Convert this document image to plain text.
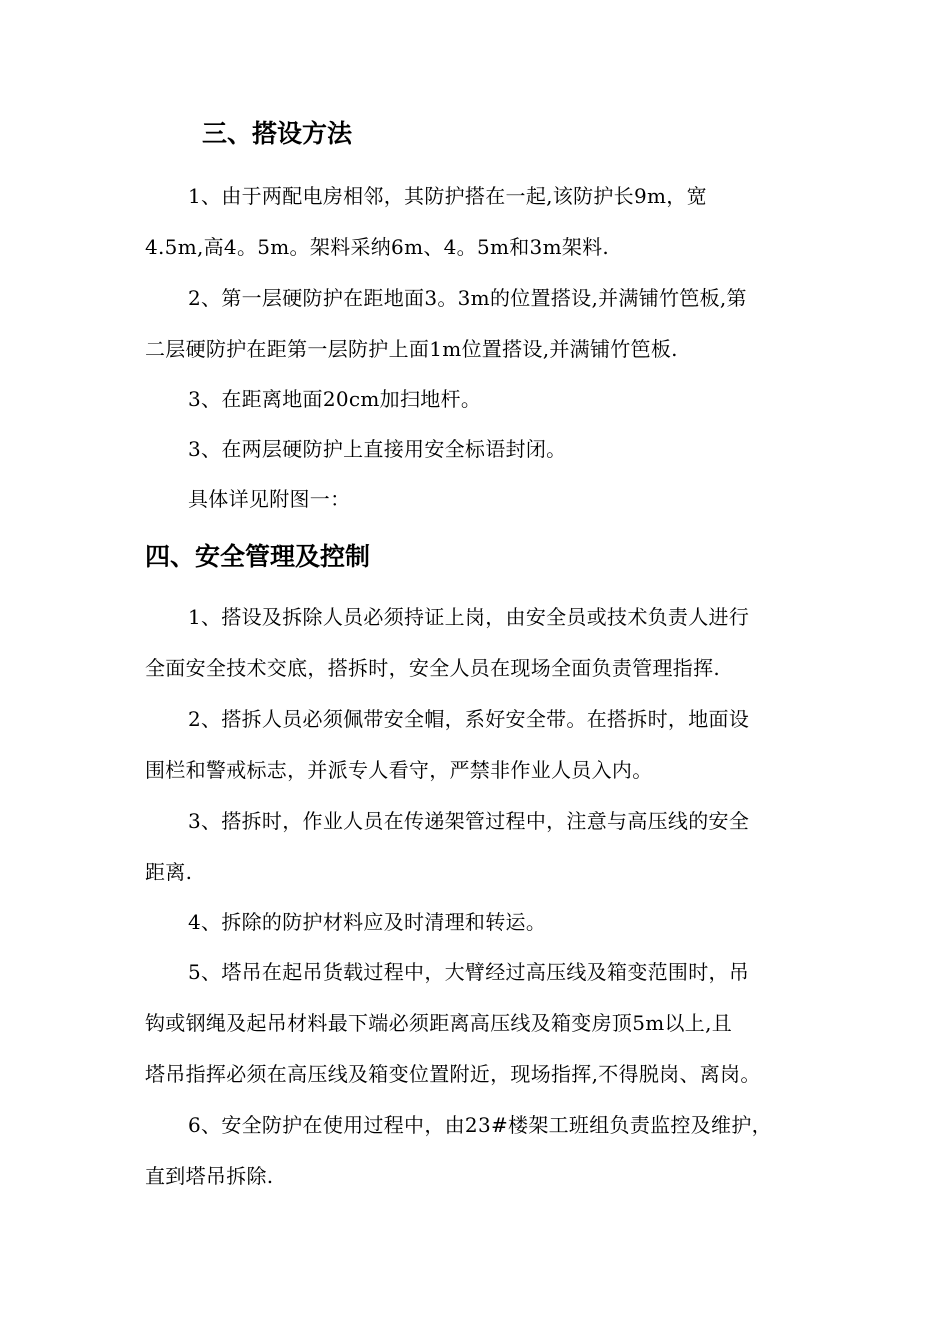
三、搭设方法
1、由于两配电房相邻，其防护搭在一起,该防护长9m，宽
4.5m,高4。5m。架料采纳6m、4。5m和3m架料.
2、第一层硬防护在距地面3。3m的位置搭设,并满铺竹笆板,第
二层硬防护在距第一层防护上面1m位置搭设,并满铺竹笆板.
3、在距离地面20cm加扫地杆。
3、在两层硬防护上直接用安全标语封闭。
具体详见附图一：
四、安全管理及控制
1、搭设及拆除人员必须持证上岗，由安全员或技术负责人进行
全面安全技术交底，搭拆时，安全人员在现场全面负责管理指挥.
2、搭拆人员必须佩带安全帽，系好安全带。在搭拆时，地面设
围栏和警戒标志，并派专人看守，严禁非作业人员入内。
3、搭拆时，作业人员在传递架管过程中，注意与高压线的安全
距离.
4、拆除的防护材料应及时清理和转运。
5、塔吊在起吊货载过程中，大臂经过高压线及箱变范围时，吊
钩或钢绳及起吊材料最下端必须距离高压线及箱变房顶5m以上,且
塔吊指挥必须在高压线及箱变位置附近，现场指挥,不得脱岗、离岗。
6、安全防护在使用过程中，由23#楼架工班组负责监控及维护，
直到塔吊拆除.
